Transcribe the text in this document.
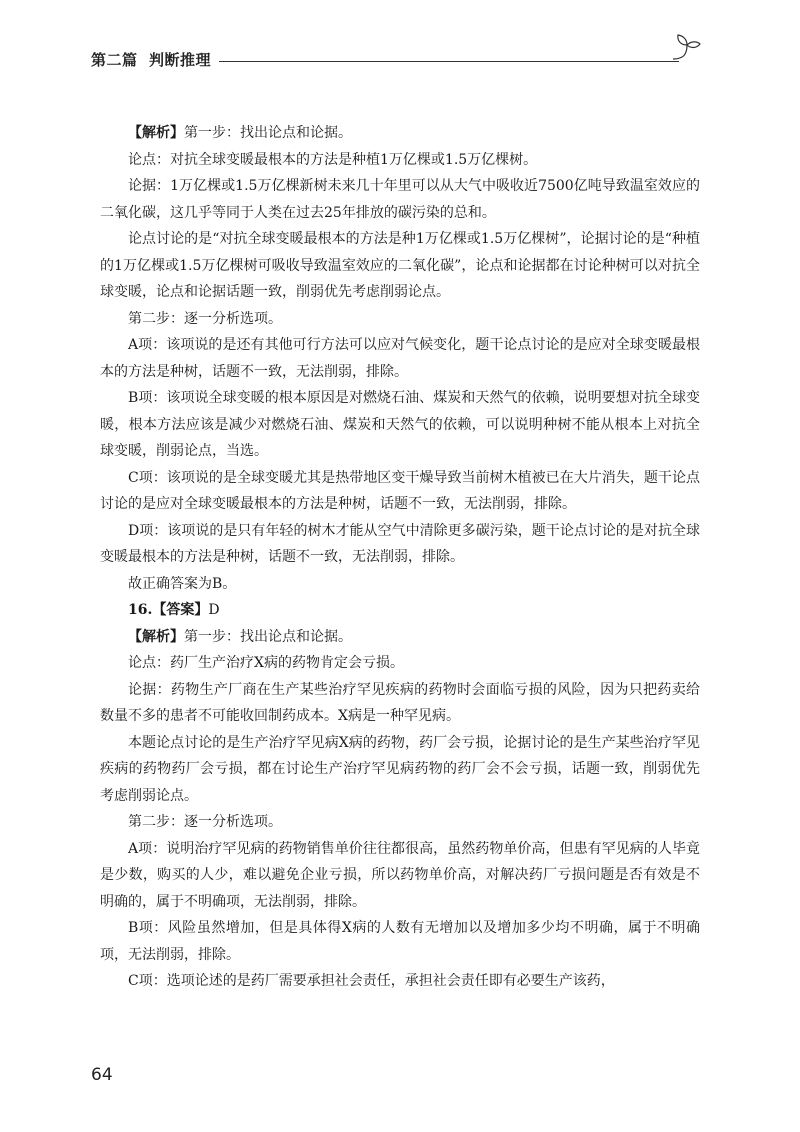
第二篇 判断推理

【解析】第一步：找出论点和论据。

论点：对抗全球变暖最根本的方法是种植1万亿棵或1.5万亿棵树。

论据：1万亿棵或1.5万亿棵新树未来几十年里可以从大气中吸收近7500亿吨导致温室效应的二氧化碳，这几乎等同于人类在过去25年排放的碳污染的总和。

论点讨论的是“对抗全球变暖最根本的方法是种1万亿棵或1.5万亿棵树”，论据讨论的是“种植的1万亿棵或1.5万亿棵树可吸收导致温室效应的二氧化碳”，论点和论据都在讨论种树可以对抗全球变暖，论点和论据话题一致，削弱优先考虑削弱论点。

第二步：逐一分析选项。

A项：该项说的是还有其他可行方法可以应对气候变化，题干论点讨论的是应对全球变暖最根本的方法是种树，话题不一致，无法削弱，排除。

B项：该项说全球变暖的根本原因是对燃烧石油、煤炭和天然气的依赖，说明要想对抗全球变暖，根本方法应该是减少对燃烧石油、煤炭和天然气的依赖，可以说明种树不能从根本上对抗全球变暖，削弱论点，当选。

C项：该项说的是全球变暖尤其是热带地区变干燥导致当前树木植被已在大片消失，题干论点讨论的是应对全球变暖最根本的方法是种树，话题不一致，无法削弱，排除。

D项：该项说的是只有年轻的树木才能从空气中清除更多碳污染，题干论点讨论的是对抗全球变暖最根本的方法是种树，话题不一致，无法削弱，排除。

故正确答案为B。

16.【答案】D

【解析】第一步：找出论点和论据。

论点：药厂生产治疗X病的药物肯定会亏损。

论据：药物生产厂商在生产某些治疗罕见疾病的药物时会面临亏损的风险，因为只把药卖给数量不多的患者不可能收回制药成本。X病是一种罕见病。

本题论点讨论的是生产治疗罕见病X病的药物，药厂会亏损，论据讨论的是生产某些治疗罕见疾病的药物药厂会亏损，都在讨论生产治疗罕见病药物的药厂会不会亏损，话题一致，削弱优先考虑削弱论点。

第二步：逐一分析选项。

A项：说明治疗罕见病的药物销售单价往往都很高，虽然药物单价高，但患有罕见病的人毕竟是少数，购买的人少，难以避免企业亏损，所以药物单价高，对解决药厂亏损问题是否有效是不明确的，属于不明确项，无法削弱，排除。

B项：风险虽然增加，但是具体得X病的人数有无增加以及增加多少均不明确，属于不明确项，无法削弱，排除。

C项：选项论述的是药厂需要承担社会责任，承担社会责任即有必要生产该药，

64
